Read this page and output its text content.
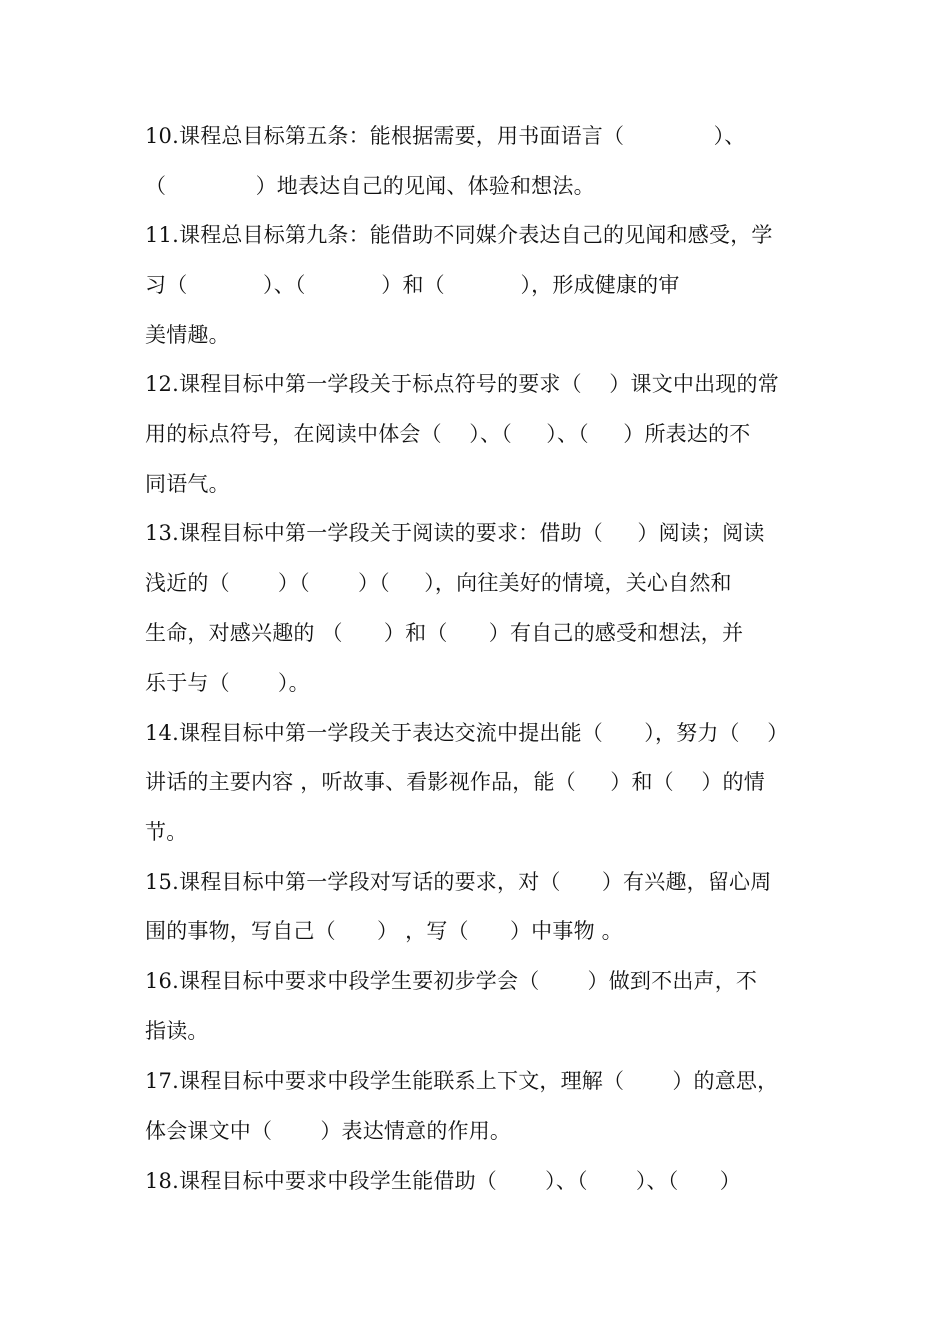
10.课程总目标第五条：能根据需要，用书面语言（             ）、
（             ）地表达自己的见闻、体验和想法。
11.课程总目标第九条：能借助不同媒介表达自己的见闻和感受，学
习（           ）、（           ）和（           ），形成健康的审
美情趣。
12.课程目标中第一学段关于标点符号的要求（    ）课文中出现的常
用的标点符号，在阅读中体会（    ）、（     ）、（     ）所表达的不
同语气。
13.课程目标中第一学段关于阅读的要求：借助（     ）阅读；阅读
浅近的（       ）（       ）（     ），向往美好的情境，关心自然和
生命，对感兴趣的 （      ）和（      ）有自己的感受和想法，并
乐于与（       ）。
14.课程目标中第一学段关于表达交流中提出能（      ），努力（    ）
讲话的主要内容 ，听故事、看影视作品，能（     ）和（    ）的情
节。
15.课程目标中第一学段对写话的要求，对（      ）有兴趣，留心周
围的事物，写自己（      ） ，写（      ）中事物 。
16.课程目标中要求中段学生要初步学会（       ）做到不出声，不
指读。
17.课程目标中要求中段学生能联系上下文，理解（       ）的意思，
体会课文中（       ）表达情意的作用。
18.课程目标中要求中段学生能借助（       ）、（       ）、（      ）
